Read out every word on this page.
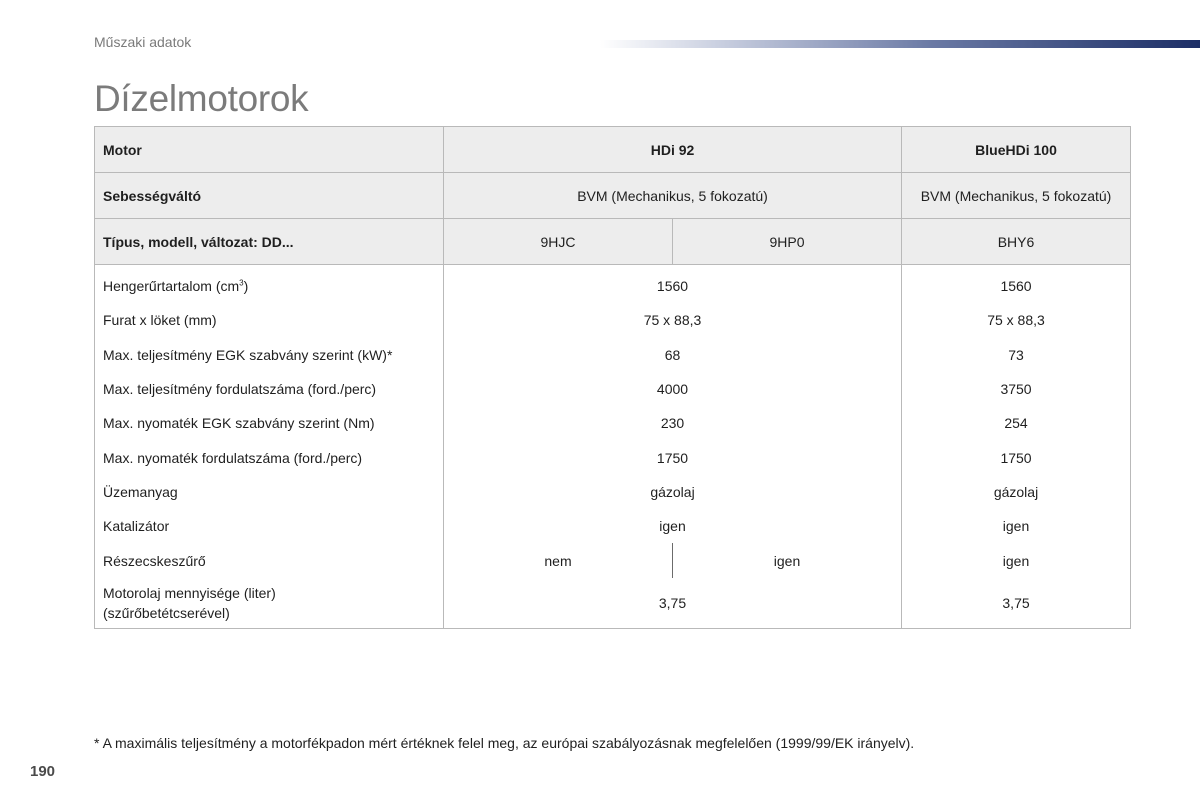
Műszaki adatok
Dízelmotorok
Motor	HDi 92		BlueHDi 100
Sebességváltó	BVM (Mechanikus, 5 fokozatú)		BVM (Mechanikus, 5 fokozatú)
Típus, modell, változat: DD...	9HJC	9HP0	BHY6
Hengerűrtartalom $(cm^3)$	1560		1560
Furat x löket (mm)	75 x 88,3		75 x 88,3
Max. teljesítmény EGK szabvány szerint (kW)*	68		73
Max. teljesítmény fordulatszáma (ford./perc)	4000		3750
Max. nyomaték EGK szabvány szerint (Nm)	230		254
Max. nyomaték fordulatszáma (ford./perc)	1750		1750
Üzemanyag	gázolaj		gázolaj
Katalizátor	igen		igen
Részecskeszűrő	nem	igen	igen

Motorolaj mennyisége (liter)
(szűrőbetétcserével)	3,75		3,75
* A maximális teljesítmény a motorfékpadon mért értéknek felel meg, az európai szabályozásnak megfelelően (1999/99/EK irányelv).
190
